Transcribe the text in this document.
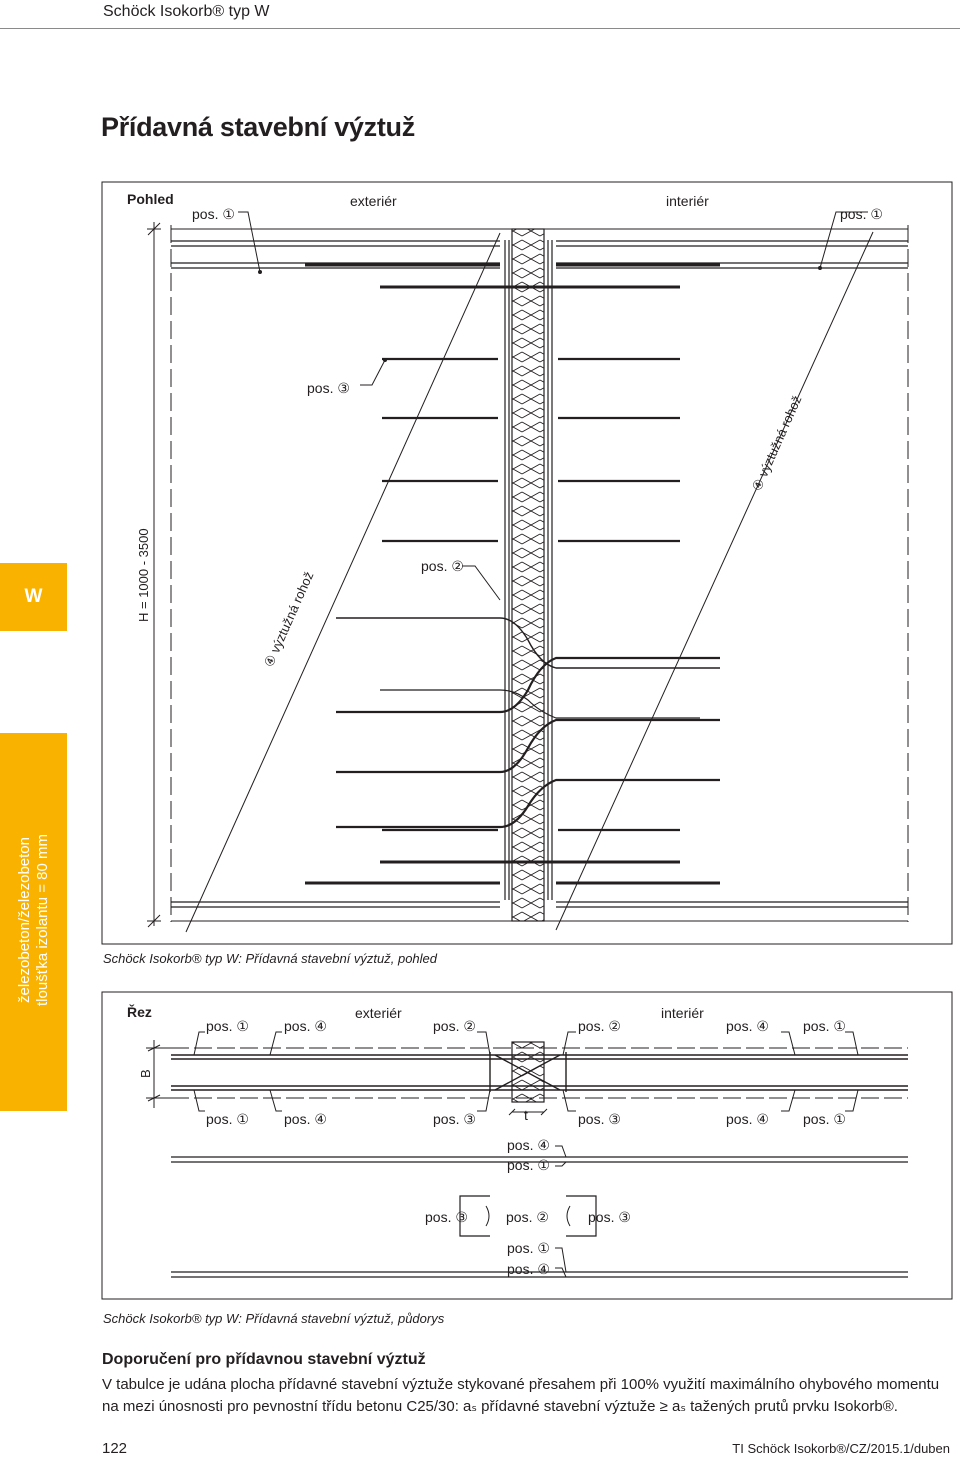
Schöck Isokorb® typ W
Přídavná stavební výztuž
W
železobeton/železobeton tloušťka izolantu = 80 mm
Pohled
pos. ①
exteriér	interiér
pos. ①
pos. ③
pos. ②
H = 1000 - 3500	④ výztužná rohož
④ výztužná rohož
Řez	exteriér	interiér
B
t
pos. ①	pos. ④	pos. ②	pos. ②	pos. ④ pos. ①
pos. ①	pos. ④	pos. ③	pos. ③	pos. ④ pos. ①
pos. ④
pos. ①
pos. ③	pos. ②	pos. ③
pos. ①
pos. ④
Schöck Isokorb® typ W: Přídavná stavební výztuž, pohled
Schöck Isokorb® typ W: Přídavná stavební výztuž, půdorys
Doporučení pro přídavnou stavební výztuž
V tabulce je udána plocha přídavné stavební výztuže stykované přesahem při 100% využití maximálního ohybového momentu na mezi únosnosti pro pevnostní třídu betonu C25/30: aₛ přídavné stavební výztuže ≥ aₛ tažených prutů prvku Isokorb®.
122	TI Schöck Isokorb®/CZ/2015.1/duben
